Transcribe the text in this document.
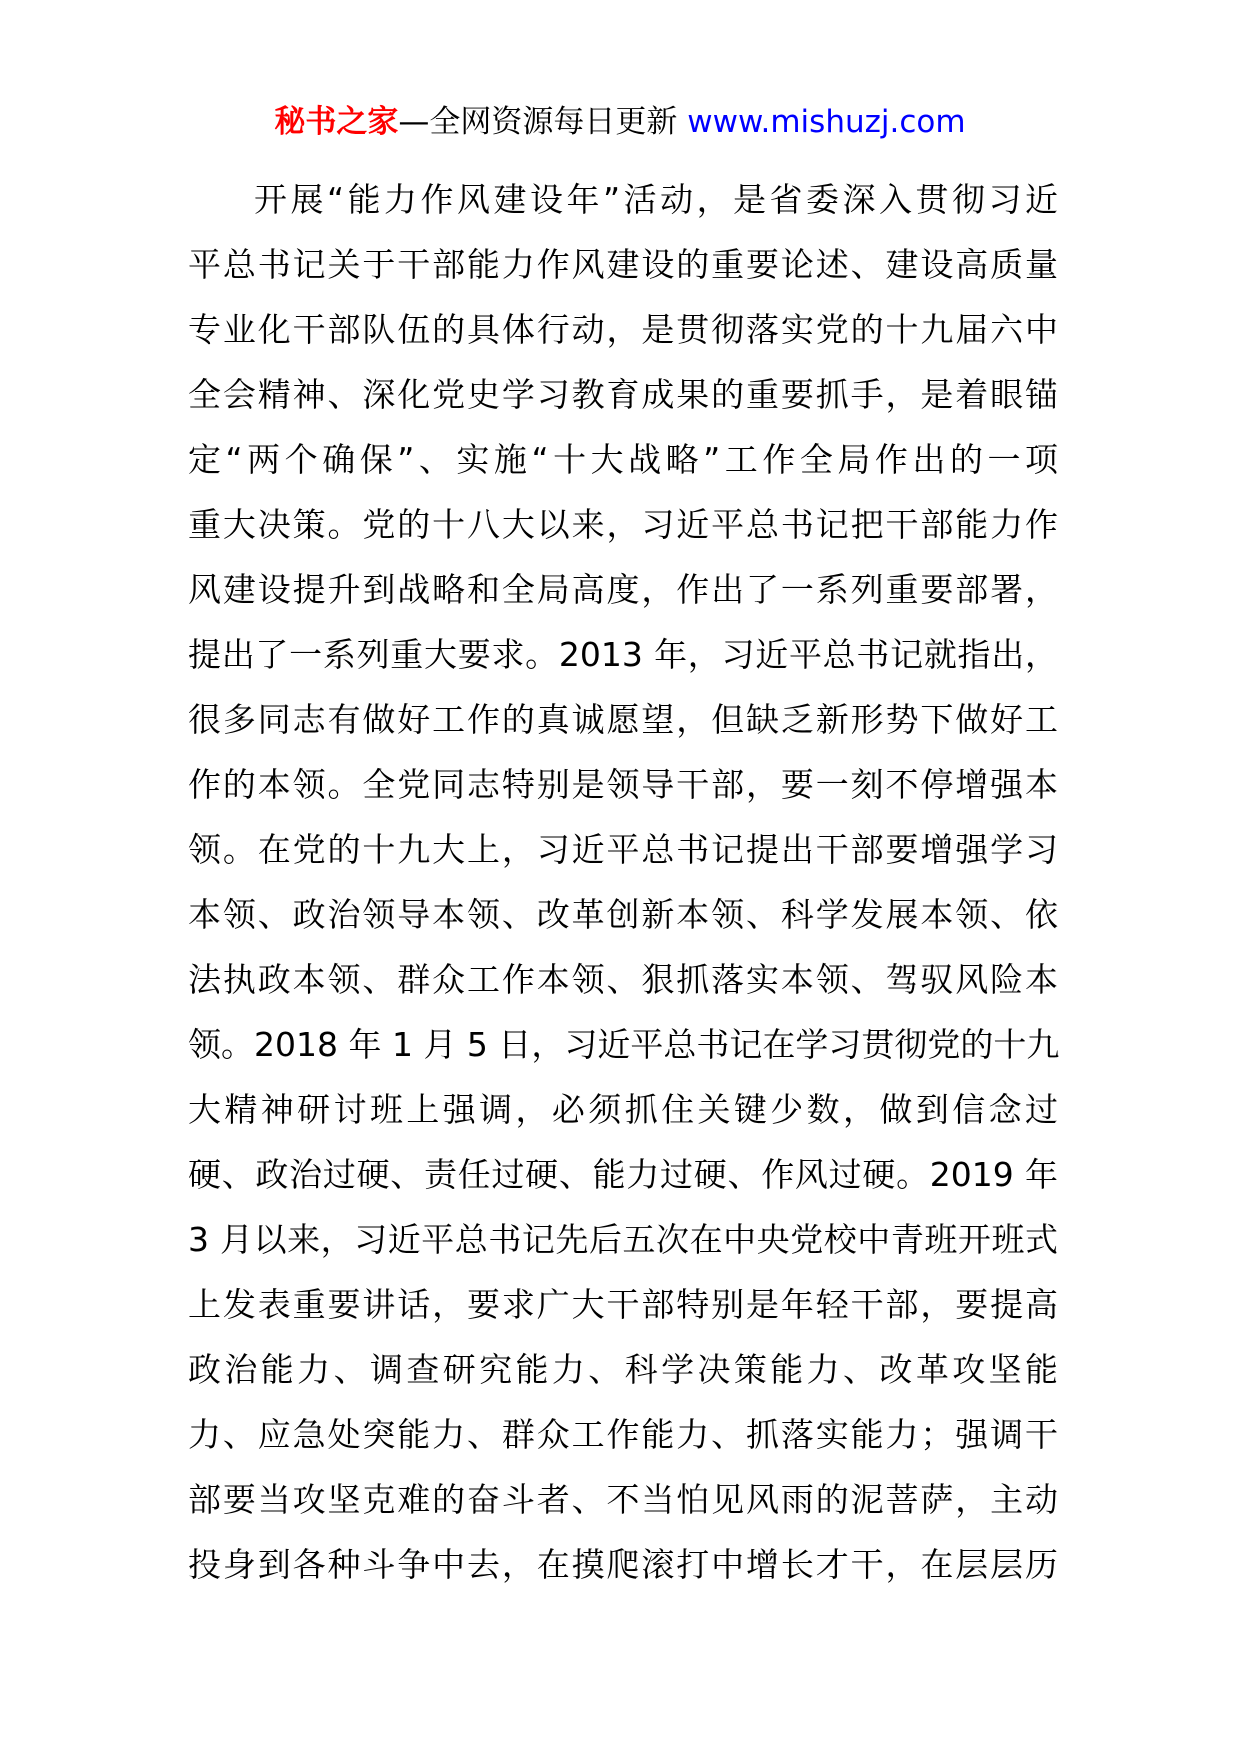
秘书之家—全网资源每日更新 www.mishuzj.com
开展“能力作风建设年”活动，是省委深入贯彻习近
平总书记关于干部能力作风建设的重要论述、建设高质量
专业化干部队伍的具体行动，是贯彻落实党的十九届六中
全会精神、深化党史学习教育成果的重要抓手，是着眼锚
定“两个确保”、实施“十大战略”工作全局作出的一项
重大决策。党的十八大以来，习近平总书记把干部能力作
风建设提升到战略和全局高度，作出了一系列重要部署，
提出了一系列重大要求。2013 年，习近平总书记就指出，
很多同志有做好工作的真诚愿望，但缺乏新形势下做好工
作的本领。全党同志特别是领导干部，要一刻不停增强本
领。在党的十九大上，习近平总书记提出干部要增强学习
本领、政治领导本领、改革创新本领、科学发展本领、依
法执政本领、群众工作本领、狠抓落实本领、驾驭风险本
领。2018 年 1 月 5 日，习近平总书记在学习贯彻党的十九
大精神研讨班上强调，必须抓住关键少数，做到信念过
硬、政治过硬、责任过硬、能力过硬、作风过硬。2019 年
3 月以来，习近平总书记先后五次在中央党校中青班开班式
上发表重要讲话，要求广大干部特别是年轻干部，要提高
政治能力、调查研究能力、科学决策能力、改革攻坚能
力、应急处突能力、群众工作能力、抓落实能力；强调干
部要当攻坚克难的奋斗者、不当怕见风雨的泥菩萨，主动
投身到各种斗争中去，在摸爬滚打中增长才干，在层层历
